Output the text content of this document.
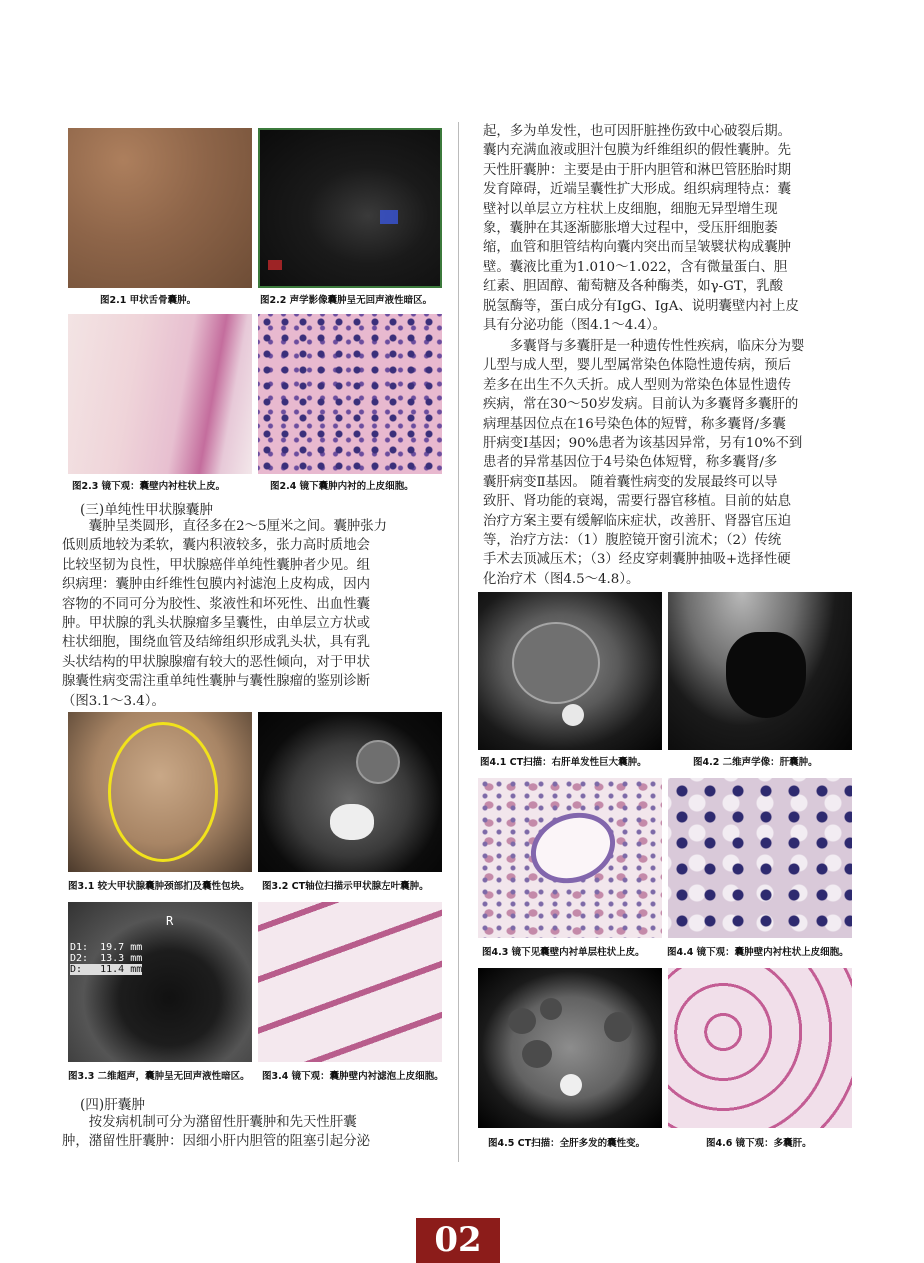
图2.1 甲状舌骨囊肿。	图2.2 声学影像囊肿呈无回声液性暗区。
图2.3 镜下观：囊壁内衬柱状上皮。	图2.4 镜下囊肿内衬的上皮细胞。
(三)单纯性甲状腺囊肿

囊肿呈类圆形，直径多在2～5厘米之间。囊肿张力

低则质地较为柔软，囊内积液较多，张力高时质地会

比较坚韧为良性，甲状腺癌伴单纯性囊肿者少见。组

织病理：囊肿由纤维性包膜内衬滤泡上皮构成，因内

容物的不同可分为胶性、浆液性和坏死性、出血性囊

肿。甲状腺的乳头状腺瘤多呈囊性，由单层立方状或

柱状细胞，围绕血管及结缔组织形成乳头状，具有乳

头状结构的甲状腺腺瘤有较大的恶性倾向，对于甲状

腺囊性病变需注重单纯性囊肿与囊性腺瘤的鉴别诊断

（图3.1～3.4）。

图3.1 较大甲状腺囊肿颈部扪及囊性包块。 图3.2 CT轴位扫描示甲状腺左叶囊肿。
R
D1:  19.7 mm
D2:  13.3 mm
D:   11.4 mm
图3.3 二维超声，囊肿呈无回声液性暗区。 图3.4 镜下观：囊肿壁内衬滤泡上皮细胞。
(四)肝囊肿

按发病机制可分为潴留性肝囊肿和先天性肝囊

肿，潴留性肝囊肿：因细小肝内胆管的阻塞引起分泌

起，多为单发性，也可因肝脏挫伤致中心破裂后期。

囊内充满血液或胆汁包膜为纤维组织的假性囊肿。先

天性肝囊肿：主要是由于肝内胆管和淋巴管胚胎时期

发育障碍，近端呈囊性扩大形成。组织病理特点：囊

壁衬以单层立方柱状上皮细胞，细胞无异型增生现

象，囊肿在其逐渐膨胀增大过程中，受压肝细胞萎

缩，血管和胆管结构向囊内突出而呈皱襞状构成囊肿

壁。囊液比重为1.010～1.022，含有微量蛋白、胆

红素、胆固醇、葡萄糖及各种酶类，如γ-GT，乳酸

脱氢酶等，蛋白成分有IgG、IgA、说明囊壁内衬上皮

具有分泌功能（图4.1～4.4）。

多囊肾与多囊肝是一种遗传性性疾病，临床分为婴

儿型与成人型，婴儿型属常染色体隐性遗传病，预后

差多在出生不久夭折。成人型则为常染色体显性遗传

疾病，常在30～50岁发病。目前认为多囊肾多囊肝的

病理基因位点在16号染色体的短臂，称多囊肾/多囊

肝病变Ⅰ基因；90%患者为该基因异常，另有10%不到

患者的异常基因位于4号染色体短臂，称多囊肾/多

囊肝病变Ⅱ基因。 随着囊性病变的发展最终可以导

致肝、肾功能的衰竭，需要行器官移植。目前的姑息

治疗方案主要有缓解临床症状，改善肝、肾器官压迫

等，治疗方法：（1）腹腔镜开窗引流术；（2）传统

手术去顶减压术；（3）经皮穿刺囊肿抽吸+选择性硬

化治疗术（图4.5～4.8）。

图4.1 CT扫描：右肝单发性巨大囊肿。	图4.2 二维声学像：肝囊肿。
图4.3 镜下见囊壁内衬单层柱状上皮。 图4.4 镜下观：囊肿壁内衬柱状上皮细胞。
图4.5 CT扫描：全肝多发的囊性变。	图4.6 镜下观：多囊肝。
02
